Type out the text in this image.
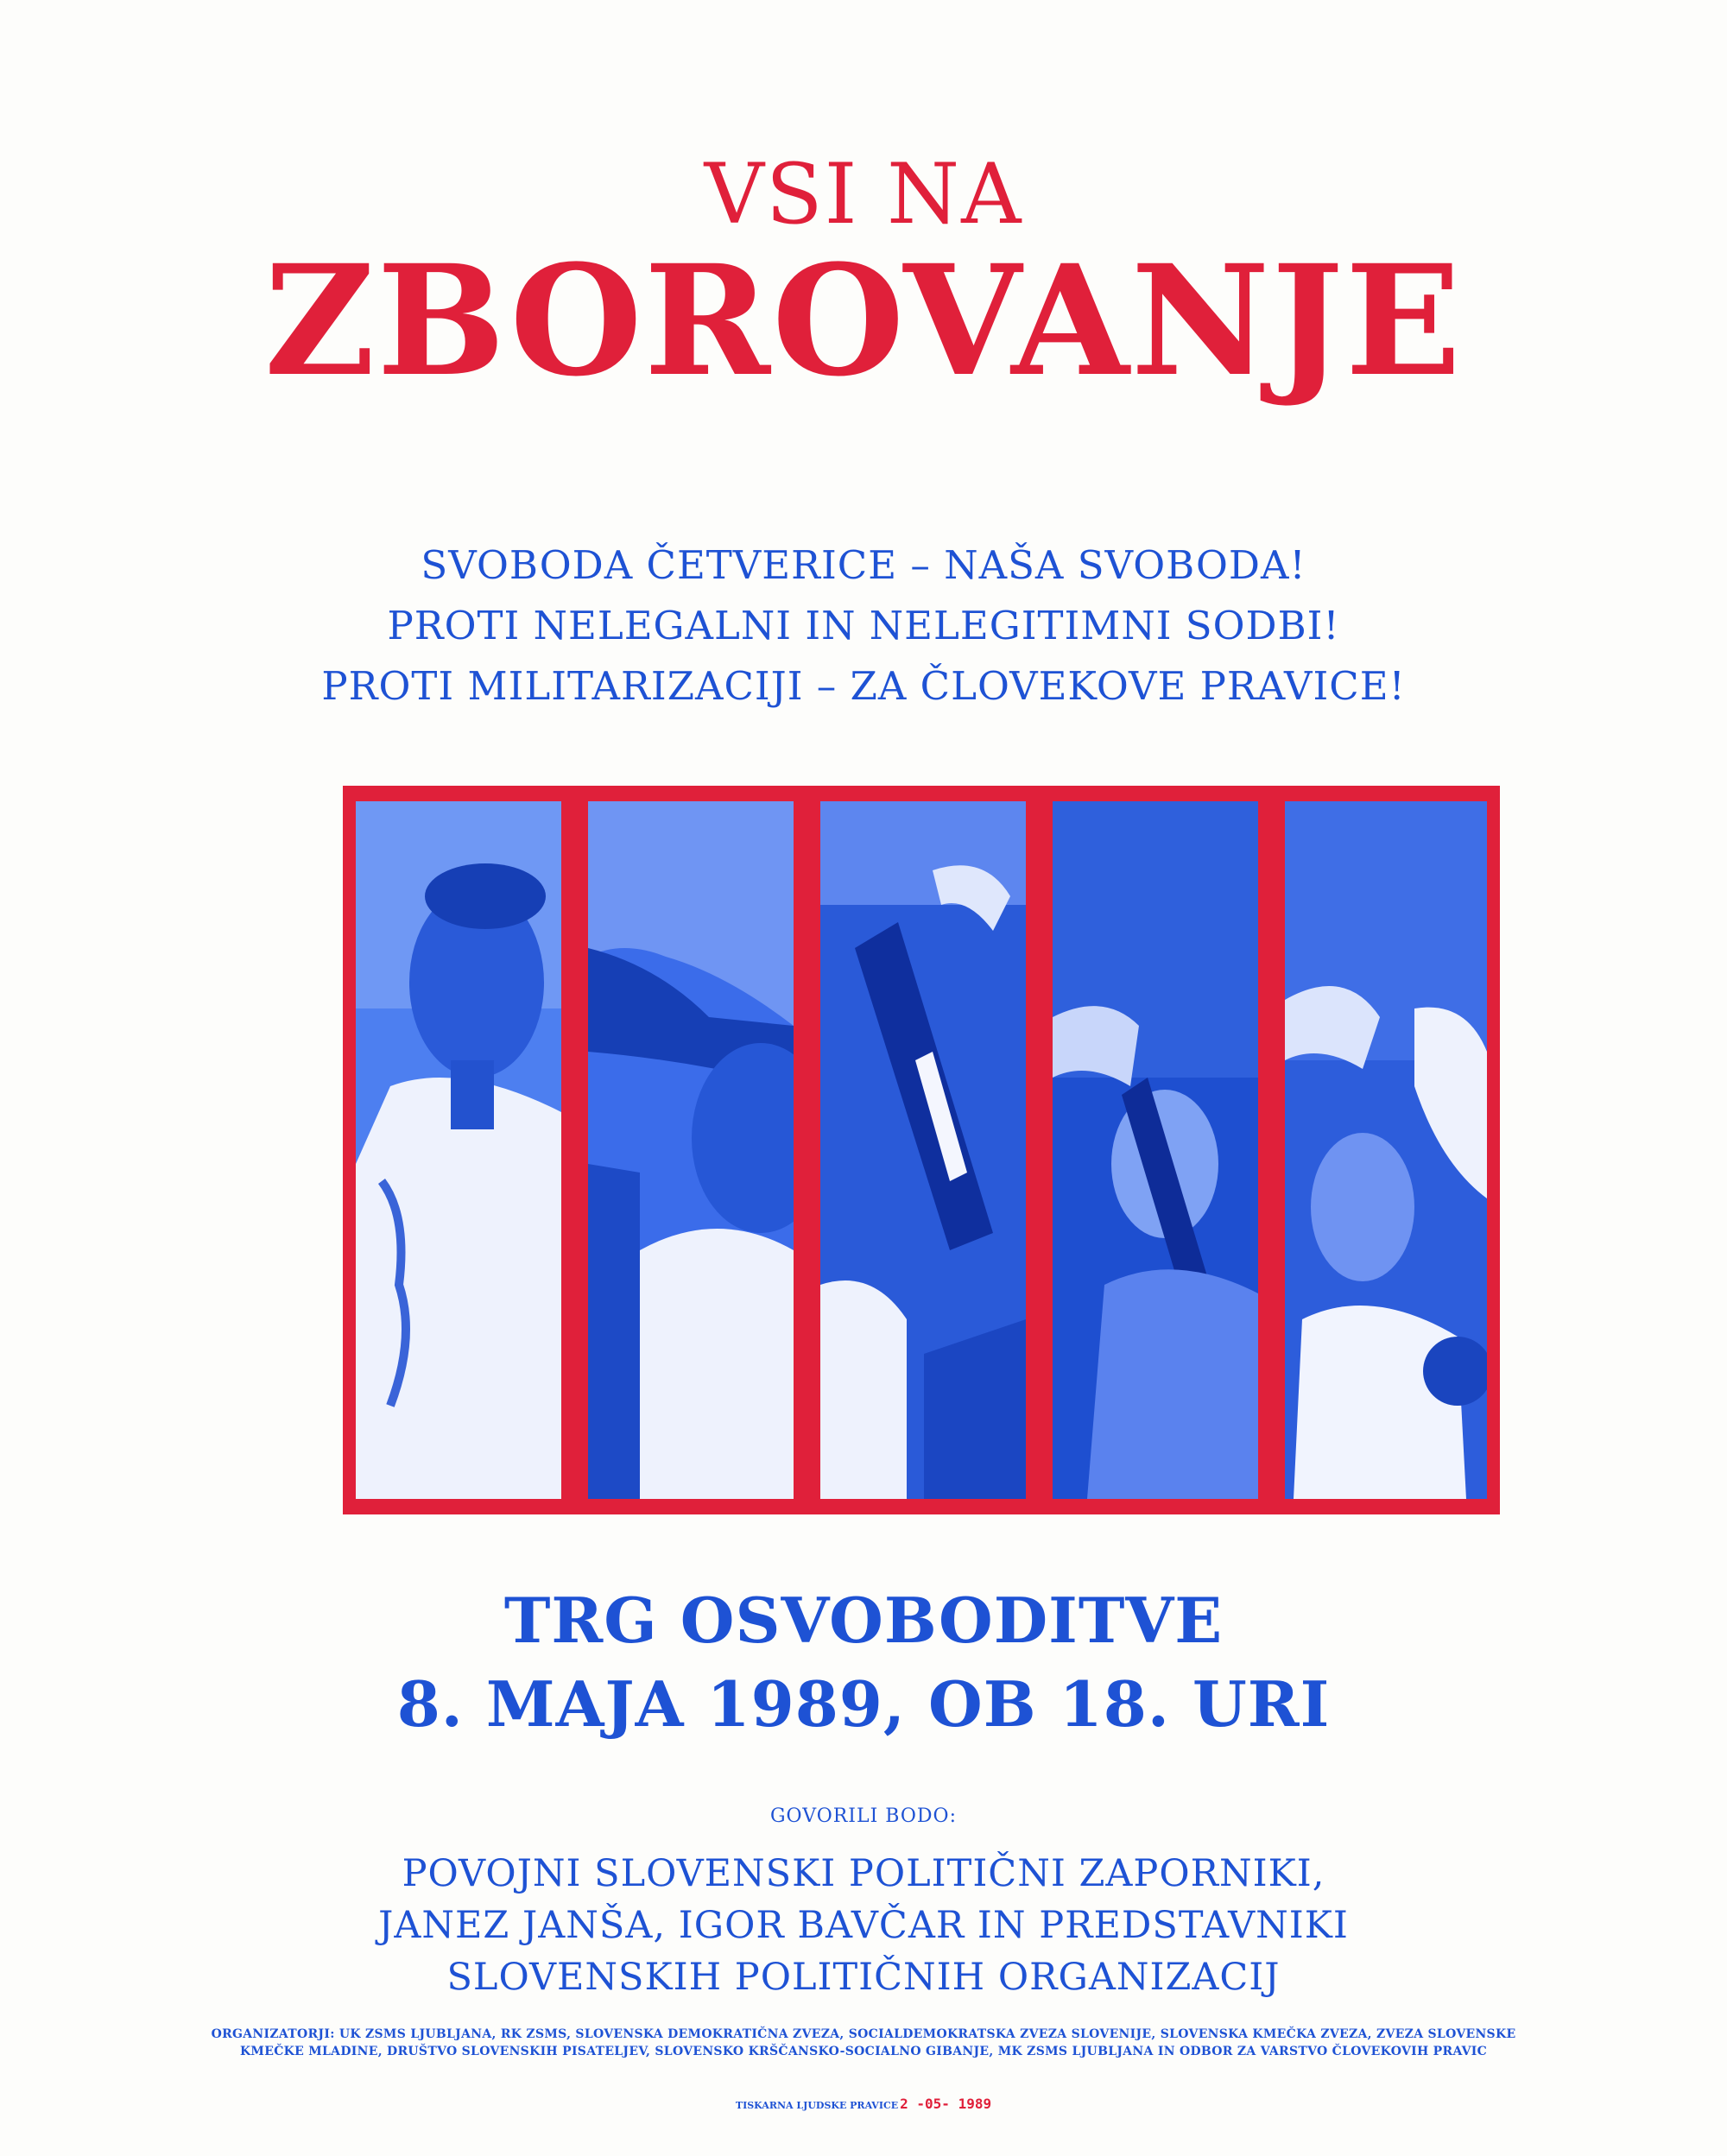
VSI NA
ZBOROVANJE
SVOBODA ČETVERICE – NAŠA SVOBODA!
PROTI NELEGALNI IN NELEGITIMNI SODBI!
PROTI MILITARIZACIJI – ZA ČLOVEKOVE PRAVICE!
TRG OSVOBODITVE
8. MAJA 1989, OB 18. URI
GOVORILI BODO:
POVOJNI SLOVENSKI POLITIČNI ZAPORNIKI,
JANEZ JANŠA, IGOR BAVČAR IN PREDSTAVNIKI
SLOVENSKIH POLITIČNIH ORGANIZACIJ
ORGANIZATORJI: UK ZSMS LJUBLJANA, RK ZSMS, SLOVENSKA DEMOKRATIČNA ZVEZA, SOCIALDEMOKRATSKA ZVEZA SLOVENIJE, SLOVENSKA KMEČKA ZVEZA, ZVEZA SLOVENSKE
KMEČKE MLADINE, DRUŠTVO SLOVENSKIH PISATELJEV, SLOVENSKO KRŠČANSKO-SOCIALNO GIBANJE, MK ZSMS LJUBLJANA IN ODBOR ZA VARSTVO ČLOVEKOVIH PRAVIC
TISKARNA LJUDSKE PRAVICE 2 -05- 1989
